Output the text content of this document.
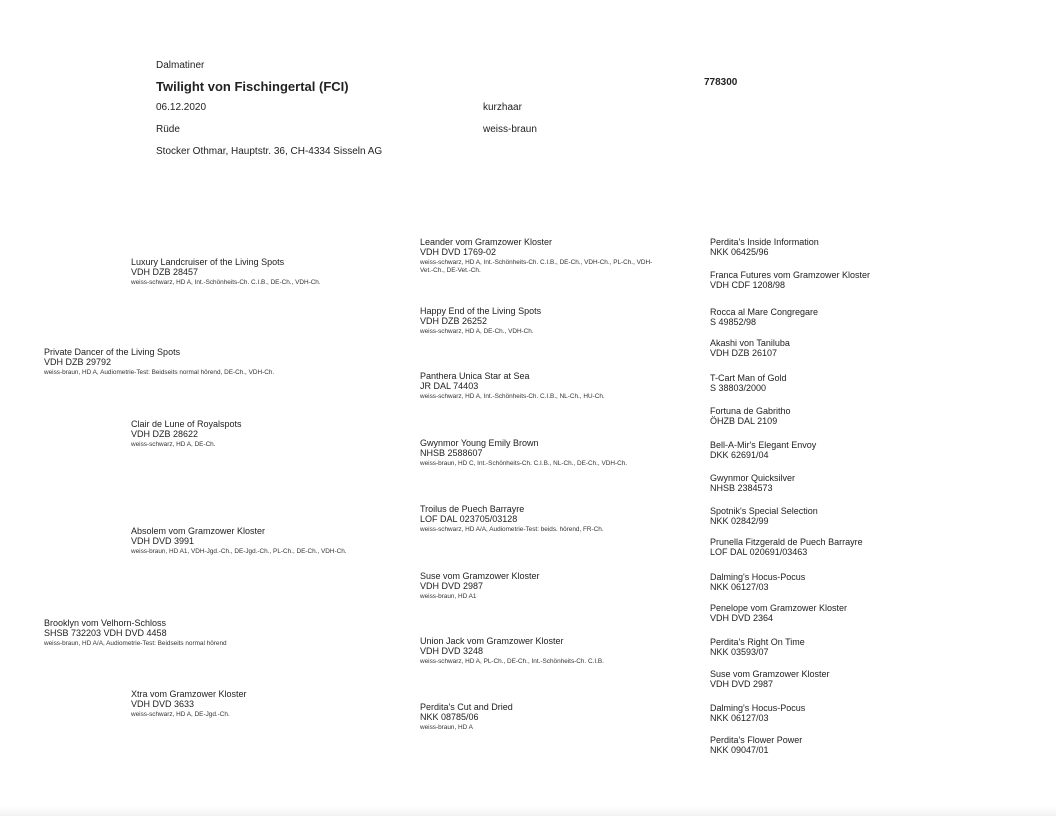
Dalmatiner
Twilight von Fischingertal (FCI)	778300
06.12.2020	kurzhaar
Rüde	weiss-braun
Stocker Othmar, Hauptstr. 36, CH-4334 Sisseln AG
Private Dancer of the Living Spots
VDH DZB 29792
weiss-braun, HD A, Audiometrie-Test: Beidseits normal hörend, DE-Ch., VDH-Ch.
Brooklyn vom Velhorn-Schloss
SHSB 732203 VDH DVD 4458
weiss-braun, HD A/A, Audiometrie-Test: Beidseits normal hörend
Luxury Landcruiser of the Living Spots
VDH DZB 28457
weiss-schwarz, HD A, Int.-Schönheits-Ch. C.I.B., DE-Ch., VDH-Ch.
Clair de Lune of Royalspots
VDH DZB 28622
weiss-schwarz, HD A, DE-Ch.
Absolem vom Gramzower Kloster
VDH DVD 3991
weiss-braun, HD A1, VDH-Jgd.-Ch., DE-Jgd.-Ch., PL-Ch., DE-Ch., VDH-Ch.
Xtra vom Gramzower Kloster
VDH DVD 3633
weiss-schwarz, HD A, DE-Jgd.-Ch.
Leander vom Gramzower Kloster
VDH DVD 1769-02
weiss-schwarz, HD A, Int.-Schönheits-Ch. C.I.B., DE-Ch., VDH-Ch., PL-Ch., VDH-
Vet.-Ch., DE-Vet.-Ch.
Happy End of the Living Spots
VDH DZB 26252
weiss-schwarz, HD A, DE-Ch., VDH-Ch.
Panthera Unica Star at Sea
JR DAL 74403
weiss-schwarz, HD A, Int.-Schönheits-Ch. C.I.B., NL-Ch., HU-Ch.
Gwynmor Young Emily Brown
NHSB 2588607
weiss-braun, HD C, Int.-Schönheits-Ch. C.I.B., NL-Ch., DE-Ch., VDH-Ch.
Troilus de Puech Barrayre
LOF DAL 023705/03128
weiss-schwarz, HD A/A, Audiometrie-Test: beids. hörend, FR-Ch.
Suse vom Gramzower Kloster
VDH DVD 2987
weiss-braun, HD A1
Union Jack vom Gramzower Kloster
VDH DVD 3248
weiss-schwarz, HD A, PL-Ch., DE-Ch., Int.-Schönheits-Ch. C.I.B.
Perdita's Cut and Dried
NKK 08785/06
weiss-braun, HD A
Perdita's Inside Information
NKK 06425/96
Franca Futures vom Gramzower Kloster
VDH CDF 1208/98
Rocca al Mare Congregare
S 49852/98
Akashi von Taniluba
VDH DZB 26107
T-Cart Man of Gold
S 38803/2000
Fortuna de Gabritho
ÖHZB DAL 2109
Bell-A-Mir's Elegant Envoy
DKK 62691/04
Gwynmor Quicksilver
NHSB 2384573
Spotnik's Special Selection
NKK 02842/99
Prunella Fitzgerald de Puech Barrayre
LOF DAL 020691/03463
Dalming's Hocus-Pocus
NKK 06127/03
Penelope vom Gramzower Kloster
VDH DVD 2364
Perdita's Right On Time
NKK 03593/07
Suse vom Gramzower Kloster
VDH DVD 2987
Dalming's Hocus-Pocus
NKK 06127/03
Perdita's Flower Power
NKK 09047/01
